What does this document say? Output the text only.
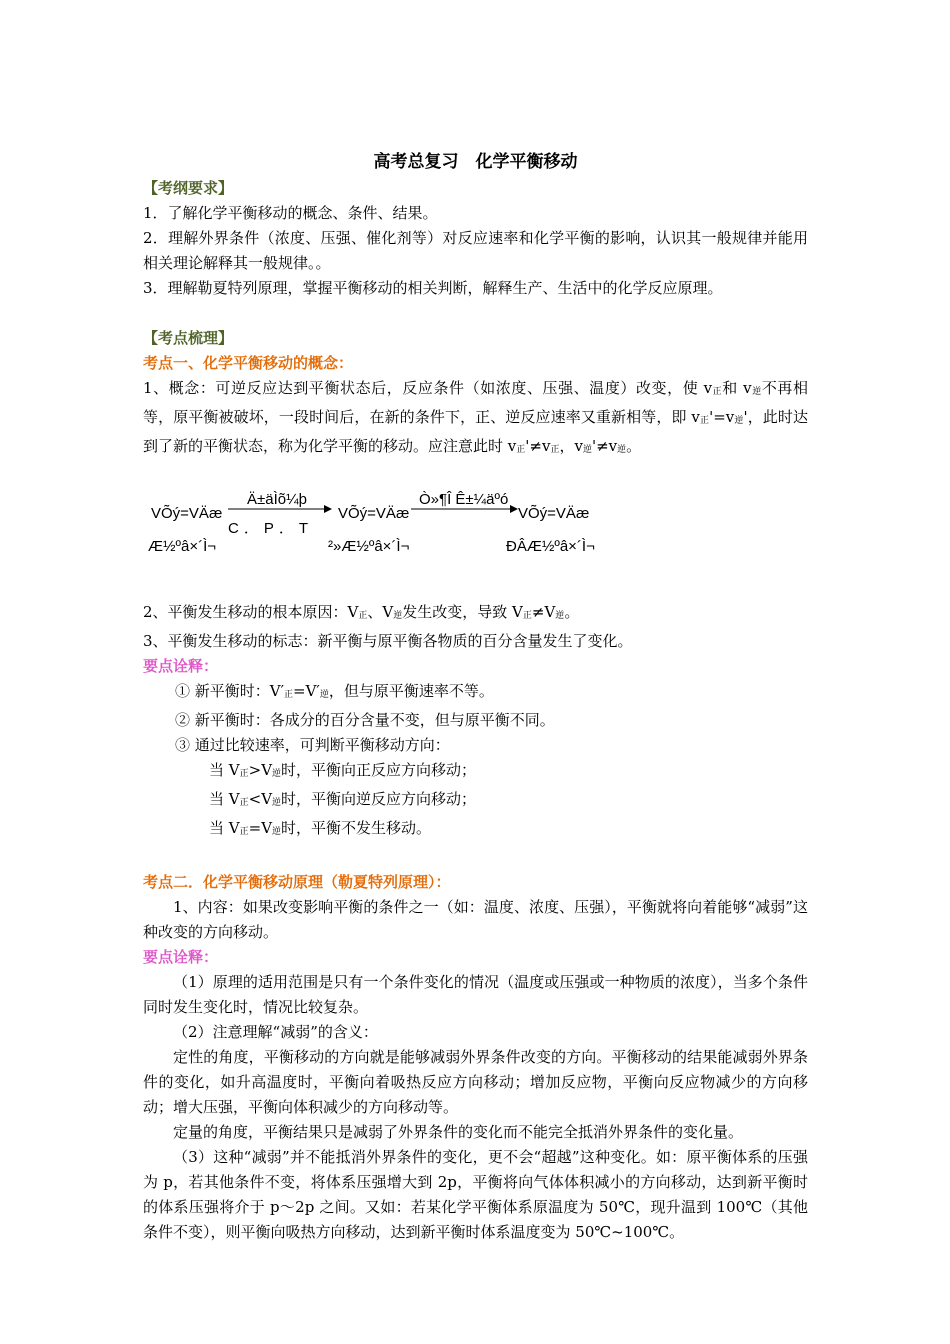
高考总复习　化学平衡移动

【考纲要求】

1．了解化学平衡移动的概念、条件、结果。

2．理解外界条件（浓度、压强、催化剂等）对反应速率和化学平衡的影响，认识其一般规律并能用相关理论解释其一般规律。。

3．理解勒夏特列原理，掌握平衡移动的相关判断，解释生产、生活中的化学反应原理。

【考点梳理】

考点一、化学平衡移动的概念：

1、概念：可逆反应达到平衡状态后，反应条件（如浓度、压强、温度）改变，使 v正和 v逆不再相等，原平衡被破坏，一段时间后，在新的条件下，正、逆反应速率又重新相等，即 v正'=v逆'，此时达到了新的平衡状态，称为化学平衡的移动。应注意此时 v正'≠v正，v逆'≠v逆。

VÕý=VÄæ
Æ½ºâ×´Ì¬
Ä±äÌõ¼þ
C．P．T
VÕý=VÄæ
²»Æ½ºâ×´Ì¬
Ò»¶Î Ê±¼äºó
VÕý=VÄæ
ÐÂÆ½ºâ×´Ì¬

2、平衡发生移动的根本原因：V正、V逆发生改变，导致 V正≠V逆。

3、平衡发生移动的标志：新平衡与原平衡各物质的百分含量发生了变化。

要点诠释：

① 新平衡时：V′正=V′逆，但与原平衡速率不等。

② 新平衡时：各成分的百分含量不变，但与原平衡不同。

③ 通过比较速率，可判断平衡移动方向：

当 V正>V逆时，平衡向正反应方向移动；

当 V正<V逆时，平衡向逆反应方向移动；

当 V正=V逆时，平衡不发生移动。

考点二．化学平衡移动原理（勒夏特列原理）：

1、内容：如果改变影响平衡的条件之一（如：温度、浓度、压强），平衡就将向着能够“减弱”这种改变的方向移动。

要点诠释：

（1）原理的适用范围是只有一个条件变化的情况（温度或压强或一种物质的浓度），当多个条件同时发生变化时，情况比较复杂。

（2）注意理解“减弱”的含义：

定性的角度，平衡移动的方向就是能够减弱外界条件改变的方向。平衡移动的结果能减弱外界条件的变化，如升高温度时，平衡向着吸热反应方向移动；增加反应物，平衡向反应物减少的方向移动；增大压强，平衡向体积减少的方向移动等。

定量的角度，平衡结果只是减弱了外界条件的变化而不能完全抵消外界条件的变化量。

（3）这种“减弱”并不能抵消外界条件的变化，更不会“超越”这种变化。如：原平衡体系的压强为 p，若其他条件不变，将体系压强增大到 2p，平衡将向气体体积减小的方向移动，达到新平衡时的体系压强将介于 p～2p 之间。又如：若某化学平衡体系原温度为 50℃，现升温到 100℃（其他条件不变），则平衡向吸热方向移动，达到新平衡时体系温度变为 50℃~100℃。
